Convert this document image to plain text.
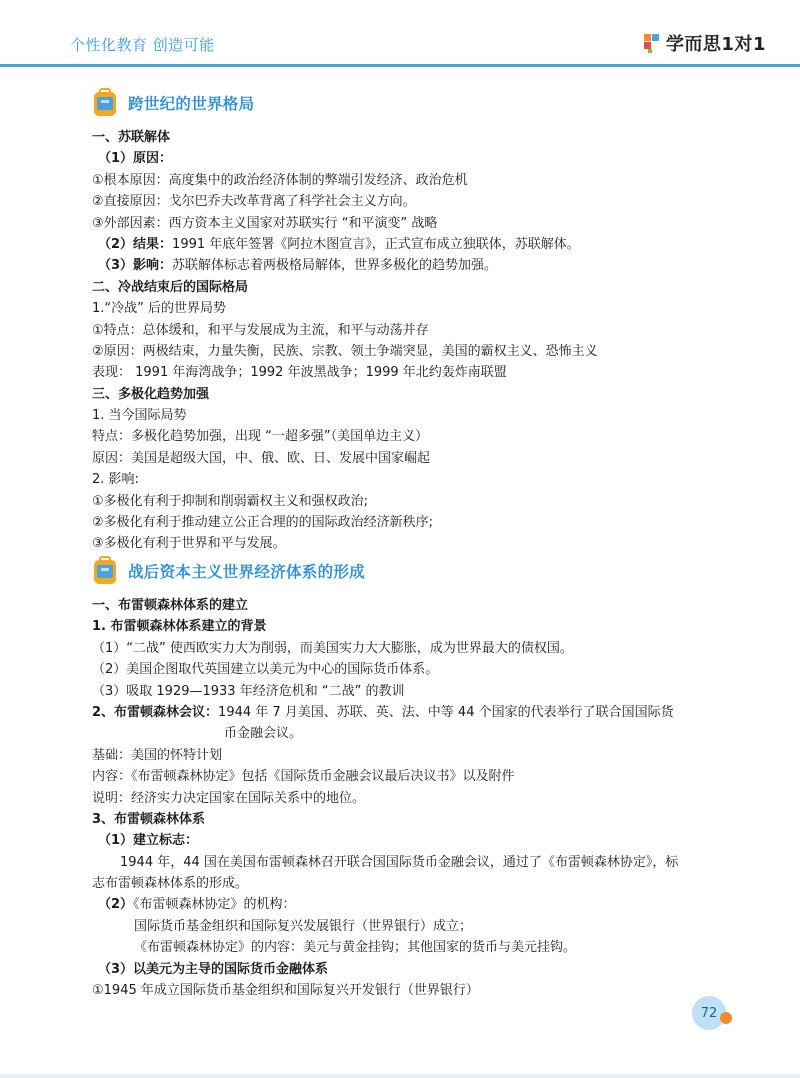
个性化教育 创造可能	学而思1对1
跨世纪的世界格局
一、苏联解体
（1）原因：
①根本原因：高度集中的政治经济体制的弊端引发经济、政治危机
②直接原因：戈尔巴乔夫改革背离了科学社会主义方向。
③外部因素：西方资本主义国家对苏联实行 “和平演变” 战略
（2）结果：1991 年底年签署《阿拉木图宣言》，正式宣布成立独联体，苏联解体。
（3）影响：苏联解体标志着两极格局解体，世界多极化的趋势加强。
二、冷战结束后的国际格局
1.“冷战” 后的世界局势
①特点：总体缓和，和平与发展成为主流，和平与动荡并存
②原因：两极结束，力量失衡，民族、宗教、领土争端突显，美国的霸权主义、恐怖主义
表现： 1991 年海湾战争；1992 年波黑战争；1999 年北约轰炸南联盟
三、多极化趋势加强
1. 当今国际局势
特点：多极化趋势加强，出现 “一超多强”（美国单边主义）
原因：美国是超级大国，中、俄、欧、日、发展中国家崛起
2. 影响:
①多极化有利于抑制和削弱霸权主义和强权政治;
②多极化有利于推动建立公正合理的的国际政治经济新秩序;
③多极化有利于世界和平与发展。
战后资本主义世界经济体系的形成
一、布雷顿森林体系的建立
1. 布雷顿森林体系建立的背景
（1）“二战” 使西欧实力大为削弱，而美国实力大大膨胀，成为世界最大的债权国。
（2）美国企图取代英国建立以美元为中心的国际货币体系。
（3）吸取 1929—1933 年经济危机和 “二战” 的教训
2、布雷顿森林会议：1944 年 7 月美国、苏联、英、法、中等 44 个国家的代表举行了联合国国际货
币金融会议。
基础：美国的怀特计划
内容：《布雷顿森林协定》包括《国际货币金融会议最后决议书》以及附件
说明：经济实力决定国家在国际关系中的地位。
3、布雷顿森林体系
（1）建立标志：
1944 年，44 国在美国布雷顿森林召开联合国国际货币金融会议，通过了《布雷顿森林协定》，标
志布雷顿森林体系的形成。
（2）《布雷顿森林协定》的机构：
国际货币基金组织和国际复兴发展银行（世界银行）成立；
《布雷顿森林协定》的内容：美元与黄金挂钩；其他国家的货币与美元挂钩。
（3）以美元为主导的国际货币金融体系
①1945 年成立国际货币基金组织和国际复兴开发银行（世界银行）
72
